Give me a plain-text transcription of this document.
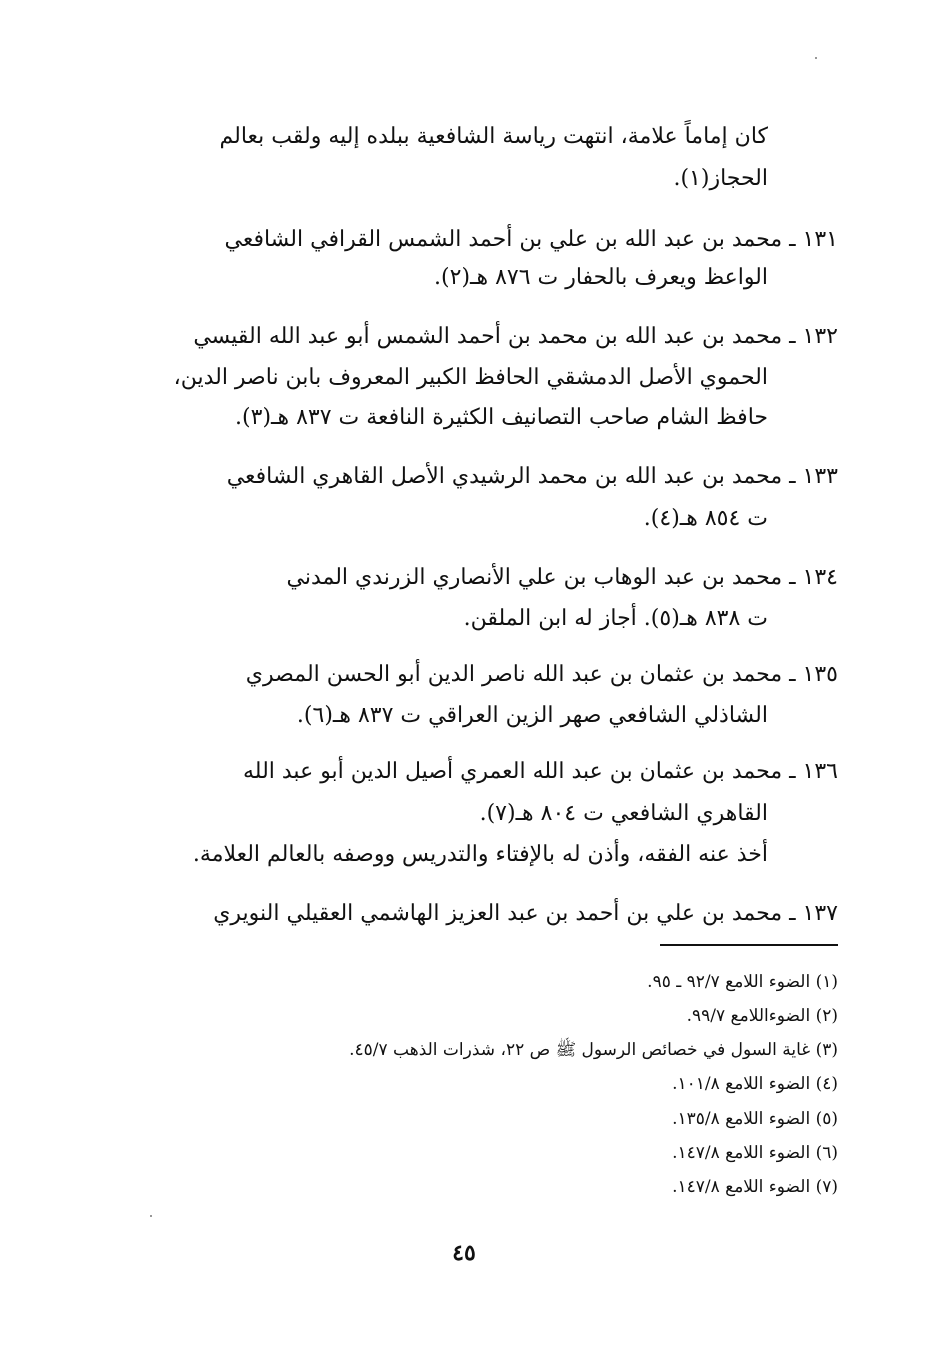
كان إماماً علامة، انتهت رياسة الشافعية ببلده إليه ولقب بعالم
الحجاز(١).
١٣١ ـ محمد بن عبد الله بن علي بن أحمد الشمس القرافي الشافعي
الواعظ ويعرف بالحفار ت ٨٧٦ هـ(٢).
١٣٢ ـ محمد بن عبد الله بن محمد بن أحمد الشمس أبو عبد الله القيسي
الحموي الأصل الدمشقي الحافظ الكبير المعروف بابن ناصر الدين،
حافظ الشام صاحب التصانيف الكثيرة النافعة ت ٨٣٧ هـ(٣).
١٣٣ ـ محمد بن عبد الله بن محمد الرشيدي الأصل القاهري الشافعي
ت ٨٥٤ هـ(٤).
١٣٤ ـ محمد بن عبد الوهاب بن علي الأنصاري الزرندي المدني
ت ٨٣٨ هـ(٥). أجاز له ابن الملقن.
١٣٥ ـ محمد بن عثمان بن عبد الله ناصر الدين أبو الحسن المصري
الشاذلي الشافعي صهر الزين العراقي ت ٨٣٧ هـ(٦).
١٣٦ ـ محمد بن عثمان بن عبد الله العمري أصيل الدين أبو عبد الله
القاهري الشافعي ت ٨٠٤ هـ(٧).
أخذ عنه الفقه، وأذن له بالإفتاء والتدريس ووصفه بالعالم العلامة.
١٣٧ ـ محمد بن علي بن أحمد بن عبد العزيز الهاشمي العقيلي النويري
(١) الضوء اللامع ٩٢/٧ ـ ٩٥.
(٢) الضوءاللامع ٩٩/٧.
(٣) غاية السول في خصائص الرسول ﷺ ص ٢٢، شذرات الذهب ٤٥/٧.
(٤) الضوء اللامع ١٠١/٨.
(٥) الضوء اللامع ١٣٥/٨.
(٦) الضوء اللامع ١٤٧/٨.
(٧) الضوء اللامع ١٤٧/٨.
٤٥
